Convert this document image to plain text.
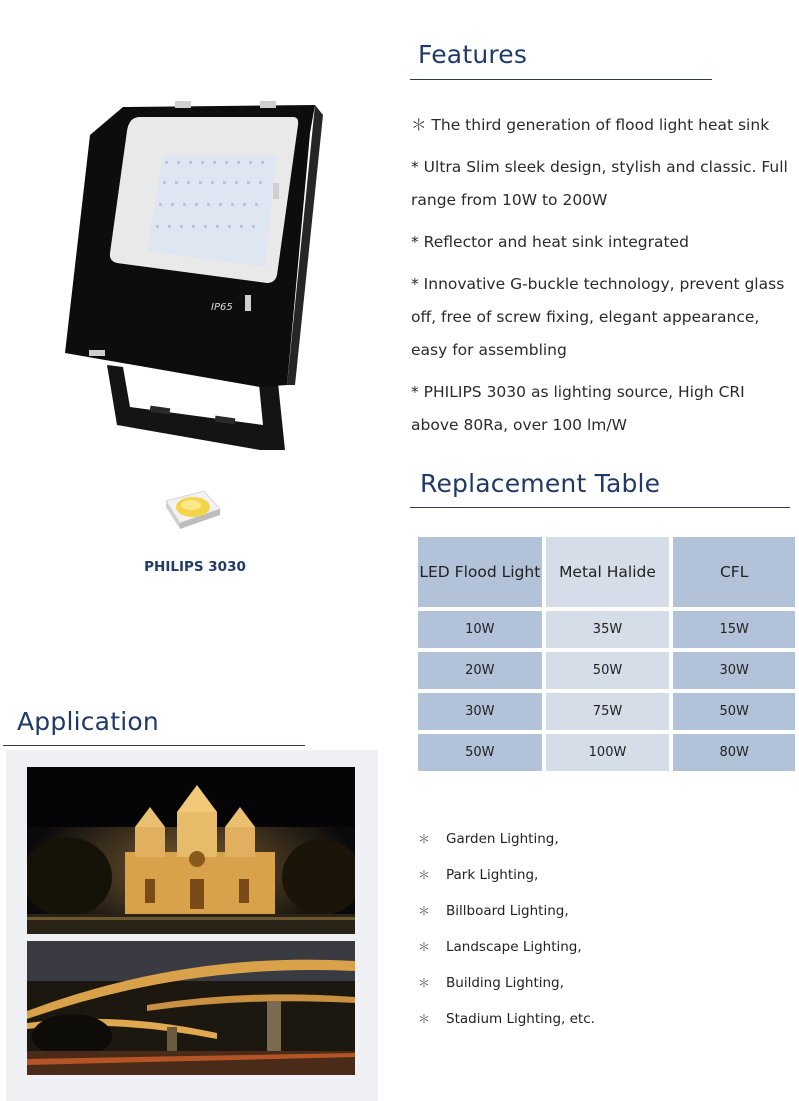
IP65
PHILIPS 3030
Features

＊ The third generation of flood light heat sink

* Ultra Slim sleek design, stylish and classic. Full range from 10W to 200W

* Reflector and heat sink integrated

* Innovative G-buckle technology, prevent glass off, free of screw fixing, elegant appearance, easy for assembling

* PHILIPS 3030 as lighting source, High CRI above 80Ra, over 100 lm/W

Replacement Table
LED Flood Light	Metal Halide	CFL
10W	35W	15W
20W	50W	30W
30W	75W	50W
50W	100W	80W
Application
＊ Garden Lighting,
＊ Park Lighting,
＊ Billboard Lighting,
＊ Landscape Lighting,
＊ Building Lighting,
＊ Stadium Lighting, etc.
